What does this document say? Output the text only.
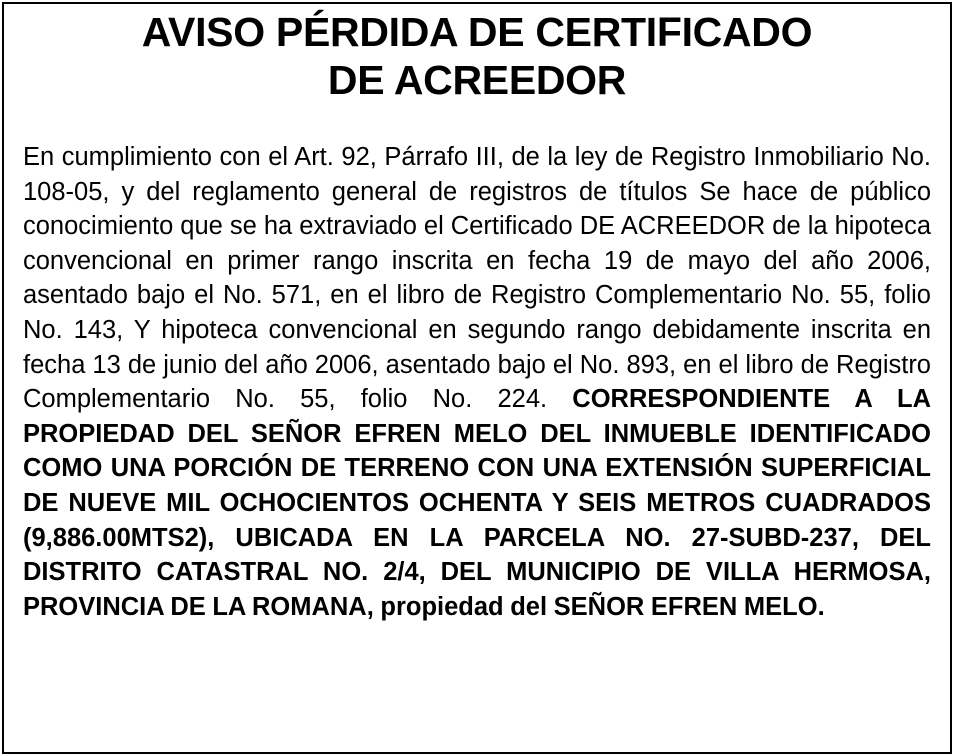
AVISO PÉRDIDA DE CERTIFICADO
DE ACREEDOR

En cumplimiento con el Art. 92, Párrafo III, de la ley de Registro Inmobiliario No. 108-05, y del reglamento general de registros de títulos Se hace de público conocimiento que se ha extraviado el Certificado DE ACREEDOR de la hipoteca convencional en primer rango inscrita en fecha 19 de mayo del año 2006, asentado bajo el No. 571, en el libro de Registro Complementario No. 55, folio No. 143, Y hipoteca convencional en segundo rango debidamente inscrita en fecha 13 de junio del año 2006, asentado bajo el No. 893, en el libro de Registro Complementario No. 55, folio No. 224. CORRESPONDIENTE A LA PROPIEDAD DEL SEÑOR EFREN MELO DEL INMUEBLE IDENTIFICADO COMO UNA PORCIÓN DE TERRENO CON UNA EXTENSIÓN SUPERFICIAL DE NUEVE MIL OCHOCIENTOS OCHENTA Y SEIS METROS CUADRADOS (9,886.00MTS2), UBICADA EN LA PARCELA NO. 27-SUBD-237, DEL DISTRITO CATASTRAL NO. 2/4, DEL MUNICIPIO DE VILLA HERMOSA, PROVINCIA DE LA ROMANA, propiedad del SEÑOR EFREN MELO.
